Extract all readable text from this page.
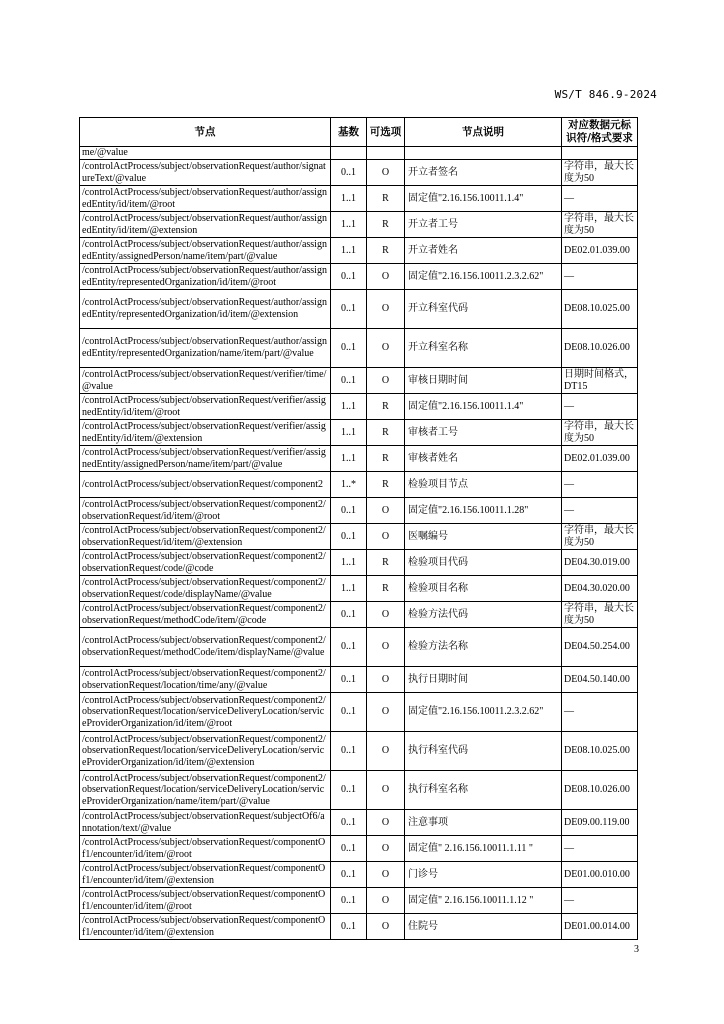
WS/T 846.9-2024
节点	基数	可选项	节点说明	对应数据元标识符/格式要求
me/@value				
/controlActProcess/subject/observationRequest/author/signatureText/@value	0..1	O	开立者签名	字符串，最大长度为50
/controlActProcess/subject/observationRequest/author/assignedEntity/id/item/@root	1..1	R	固定值"2.16.156.10011.1.4"	—
/controlActProcess/subject/observationRequest/author/assignedEntity/id/item/@extension	1..1	R	开立者工号	字符串，最大长度为50
/controlActProcess/subject/observationRequest/author/assignedEntity/assignedPerson/name/item/part/@value	1..1	R	开立者姓名	DE02.01.039.00
/controlActProcess/subject/observationRequest/author/assignedEntity/representedOrganization/id/item/@root	0..1	O	固定值"2.16.156.10011.2.3.2.62"	—
/controlActProcess/subject/observationRequest/author/assignedEntity/representedOrganization/id/item/@extension	0..1	O	开立科室代码	DE08.10.025.00
/controlActProcess/subject/observationRequest/author/assignedEntity/representedOrganization/name/item/part/@value	0..1	O	开立科室名称	DE08.10.026.00
/controlActProcess/subject/observationRequest/verifier/time/@value	0..1	O	审核日期时间	日期时间格式，DT15
/controlActProcess/subject/observationRequest/verifier/assignedEntity/id/item/@root	1..1	R	固定值"2.16.156.10011.1.4"	—
/controlActProcess/subject/observationRequest/verifier/assignedEntity/id/item/@extension	1..1	R	审核者工号	字符串，最大长度为50
/controlActProcess/subject/observationRequest/verifier/assignedEntity/assignedPerson/name/item/part/@value	1..1	R	审核者姓名	DE02.01.039.00
/controlActProcess/subject/observationRequest/component2	1..*	R	检验项目节点	—
/controlActProcess/subject/observationRequest/component2/observationRequest/id/item/@root	0..1	O	固定值"2.16.156.10011.1.28"	—
/controlActProcess/subject/observationRequest/component2/observationRequest/id/item/@extension	0..1	O	医嘱编号	字符串，最大长度为50
/controlActProcess/subject/observationRequest/component2/observationRequest/code/@code	1..1	R	检验项目代码	DE04.30.019.00
/controlActProcess/subject/observationRequest/component2/observationRequest/code/displayName/@value	1..1	R	检验项目名称	DE04.30.020.00
/controlActProcess/subject/observationRequest/component2/observationRequest/methodCode/item/@code	0..1	O	检验方法代码	字符串，最大长度为50
/controlActProcess/subject/observationRequest/component2/observationRequest/methodCode/item/displayName/@value	0..1	O	检验方法名称	DE04.50.254.00
/controlActProcess/subject/observationRequest/component2/observationRequest/location/time/any/@value	0..1	O	执行日期时间	DE04.50.140.00
/controlActProcess/subject/observationRequest/component2/observationRequest/location/serviceDeliveryLocation/serviceProviderOrganization/id/item/@root	0..1	O	固定值"2.16.156.10011.2.3.2.62"	—
/controlActProcess/subject/observationRequest/component2/observationRequest/location/serviceDeliveryLocation/serviceProviderOrganization/id/item/@extension	0..1	O	执行科室代码	DE08.10.025.00
/controlActProcess/subject/observationRequest/component2/observationRequest/location/serviceDeliveryLocation/serviceProviderOrganization/name/item/part/@value	0..1	O	执行科室名称	DE08.10.026.00
/controlActProcess/subject/observationRequest/subjectOf6/annotation/text/@value	0..1	O	注意事项	DE09.00.119.00
/controlActProcess/subject/observationRequest/componentOf1/encounter/id/item/@root	0..1	O	固定值" 2.16.156.10011.1.11 "	—
/controlActProcess/subject/observationRequest/componentOf1/encounter/id/item/@extension	0..1	O	门诊号	DE01.00.010.00
/controlActProcess/subject/observationRequest/componentOf1/encounter/id/item/@root	0..1	O	固定值" 2.16.156.10011.1.12 "	—
/controlActProcess/subject/observationRequest/componentOf1/encounter/id/item/@extension	0..1	O	住院号	DE01.00.014.00
3
